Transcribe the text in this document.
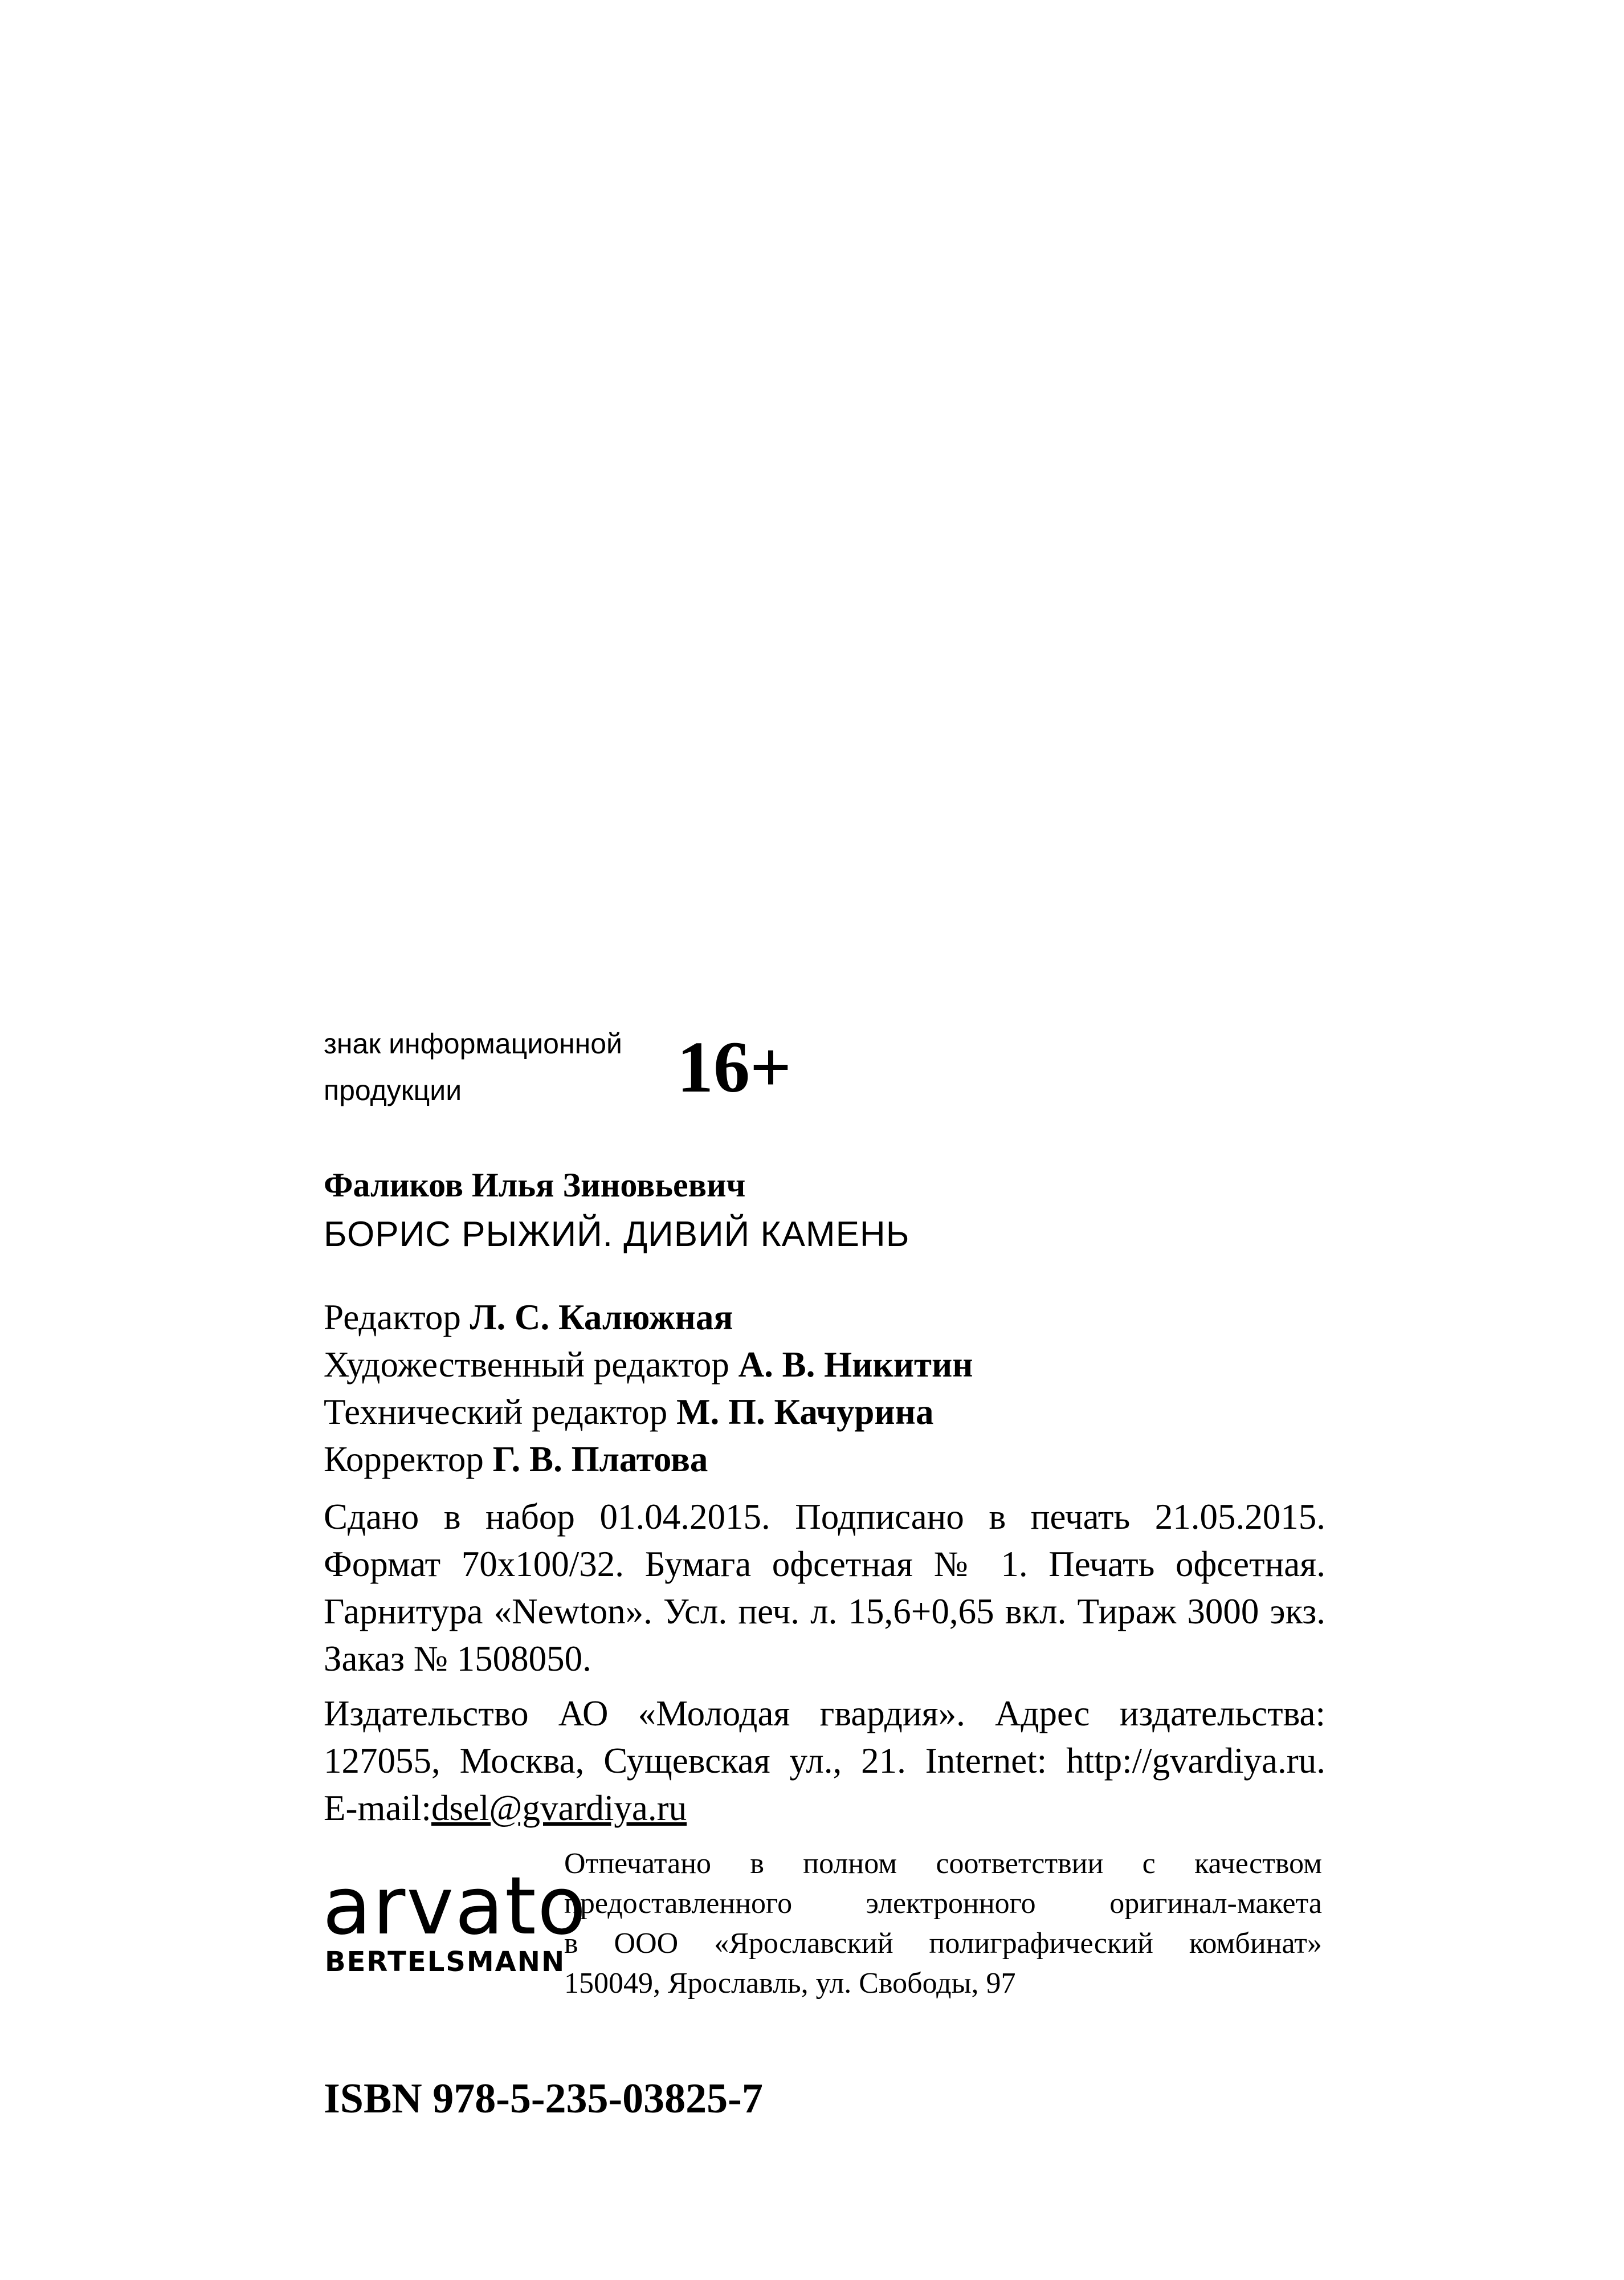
знак информационной
продукции	16+
Фаликов Илья Зиновьевич
БОРИС РЫЖИЙ. ДИВИЙ КАМЕНЬ
Редактор Л. С. Калюжная
Художественный редактор А. В. Никитин
Технический редактор М. П. Качурина
Корректор Г. В. Платова
Сдано в набор 01.04.2015. Подписано в печать 21.05.2015.
Формат 70x100/32. Бумага офсетная № 1. Печать офсетная.
Гарнитура «Newton». Усл. печ. л. 15,6+0,65 вкл. Тираж 3000 экз.
Заказ № 1508050.
Издательство АО «Молодая гвардия». Адрес издательства:
127055, Москва, Сущевская ул., 21. Internet: http://gvardiya.ru.
E-mail:dsel@gvardiya.ru
arvato
BERTELSMANN
Отпечатано в полном соответствии с качеством
предоставленного электронного оригинал-макета
в ООО «Ярославский полиграфический комбинат»
150049, Ярославль, ул. Свободы, 97
ISBN 978-5-235-03825-7
